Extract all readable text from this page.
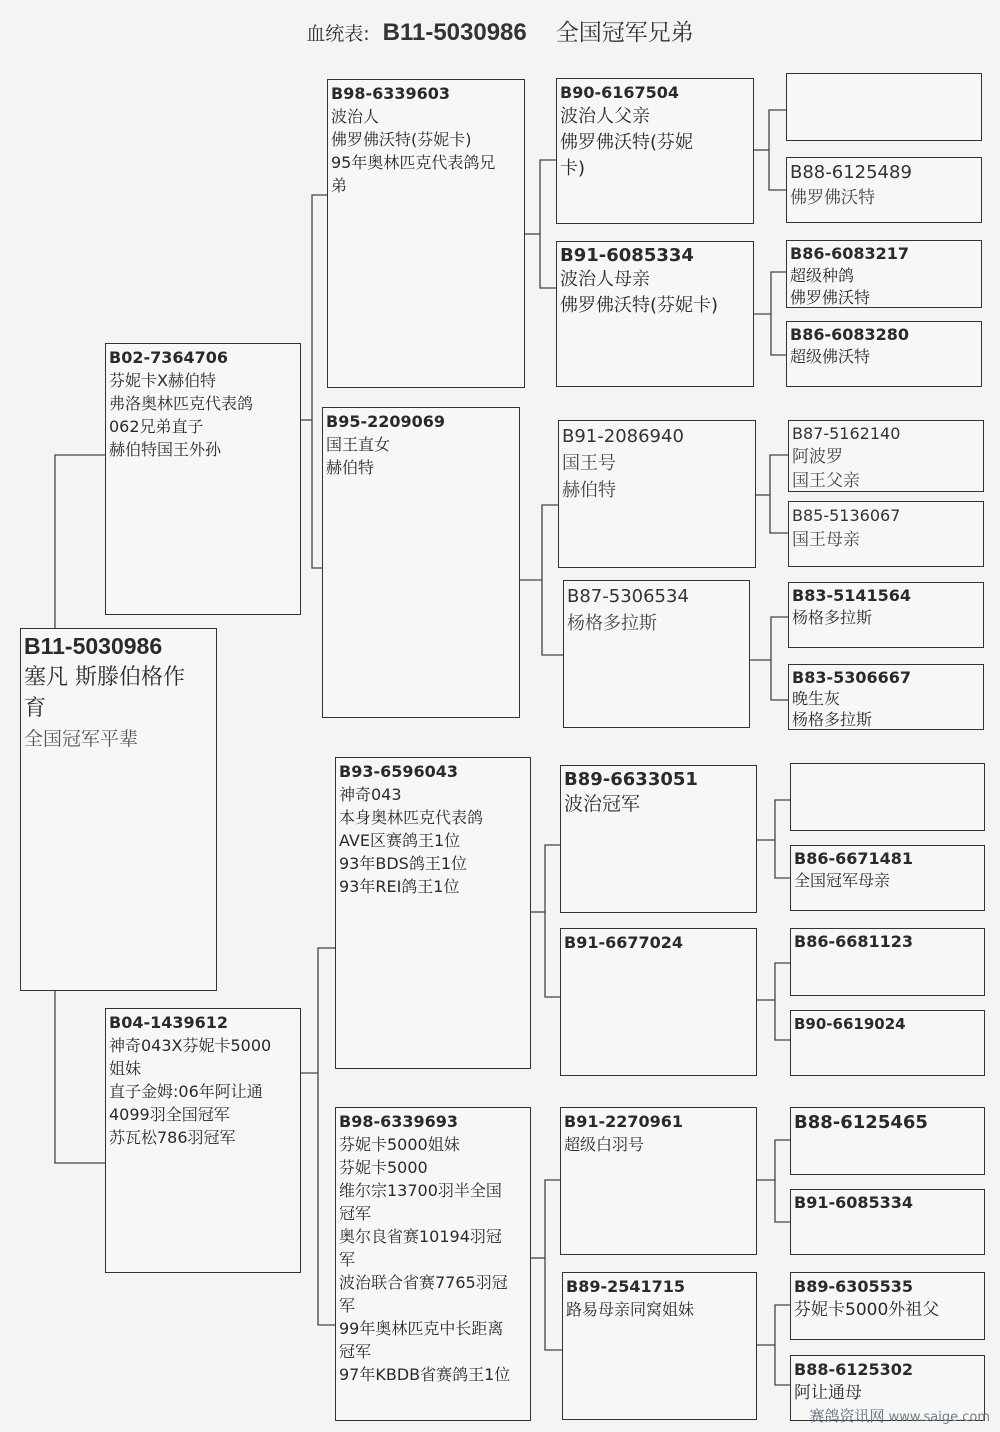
血统表: B11-5030986 全国冠军兄弟
B11-5030986
塞凡 斯滕伯格作
育
全国冠军平辈
B02-7364706
芬妮卡X赫伯特
弗洛奥林匹克代表鸽
062兄弟直子
赫伯特国王外孙
B04-1439612
神奇043X芬妮卡5000
姐妹
直子金姆:06年阿让通
4099羽全国冠军
苏瓦松786羽冠军
B98-6339603
波治人
佛罗佛沃特(芬妮卡)
95年奥林匹克代表鸽兄
弟
B95-2209069
国王直女
赫伯特
B93-6596043
神奇043
本身奥林匹克代表鸽
AVE区赛鸽王1位
93年BDS鸽王1位
93年REI鸽王1位
B98-6339693
芬妮卡5000姐妹
芬妮卡5000
维尔宗13700羽半全国
冠军
奥尔良省赛10194羽冠
军
波治联合省赛7765羽冠
军
99年奥林匹克中长距离
冠军
97年KBDB省赛鸽王1位
B90-6167504
波治人父亲
佛罗佛沃特(芬妮
卡)
B91-6085334
波治人母亲
佛罗佛沃特(芬妮卡)
B91-2086940
国王号
赫伯特
B87-5306534
杨格多拉斯
B89-6633051
波治冠军
B91-6677024
B91-2270961
超级白羽号
B89-2541715
路易母亲同窝姐妹
B88-6125489
佛罗佛沃特
B86-6083217
超级种鸽
佛罗佛沃特
B86-6083280
超级佛沃特
B87-5162140
阿波罗
国王父亲
B85-5136067
国王母亲
B83-5141564
杨格多拉斯
B83-5306667
晚生灰
杨格多拉斯
B86-6671481
全国冠军母亲
B86-6681123
B90-6619024
B88-6125465
B91-6085334
B89-6305535
芬妮卡5000外祖父
B88-6125302
阿让通母
赛鸽资讯网 www.saige.com
